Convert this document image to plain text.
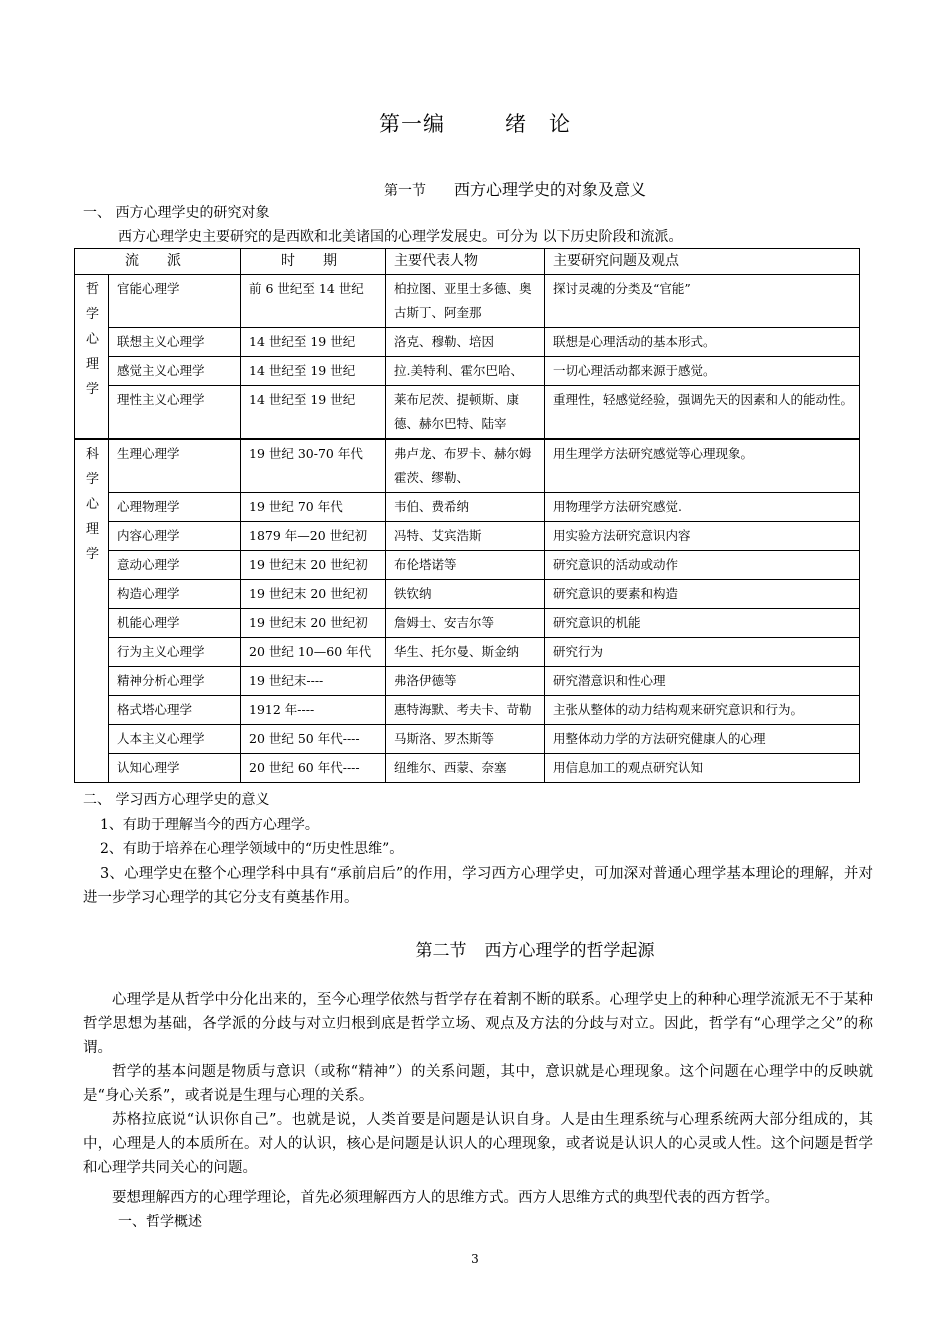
第一编	绪　论
第一节 西方心理学史的对象及意义
一、 西方心理学史的研究对象
西方心理学史主要研究的是西欧和北美诸国的心理学发展史。可分为 以下历史阶段和流派。
流　　派		时　　期	主要代表人物	主要研究问题及观点

哲
学
心
理
学	官能心理学	前 6 世纪至 14 世纪	柏拉图、亚里士多德、奥古斯丁、阿奎那	探讨灵魂的分类及“官能”
	联想主义心理学	14 世纪至 19 世纪	洛克、穆勒、培因	联想是心理活动的基本形式。
	感觉主义心理学	14 世纪至 19 世纪	拉.美特利、霍尔巴哈、	一切心理活动都来源于感觉。
	理性主义心理学	14 世纪至 19 世纪	莱布尼茨、提顿斯、康德、赫尔巴特、陆宰	重理性，轻感觉经验，强调先天的因素和人的能动性。

科
学
心
理
学	生理心理学	19 世纪 30-70 年代	弗卢龙、布罗卡、赫尔姆霍茨、缪勒、	用生理学方法研究感觉等心理现象。
	心理物理学	19 世纪 70 年代	韦伯、费希纳	用物理学方法研究感觉.
	内容心理学	1879 年—20 世纪初	冯特、艾宾浩斯	用实验方法研究意识内容
	意动心理学	19 世纪末 20 世纪初	布伦塔诺等	研究意识的活动或动作
	构造心理学	19 世纪末 20 世纪初	铁钦纳	研究意识的要素和构造
	机能心理学	19 世纪末 20 世纪初	詹姆士、安吉尔等	研究意识的机能
	行为主义心理学	20 世纪 10—60 年代	华生、托尔曼、斯金纳	研究行为
	精神分析心理学	19 世纪末----	弗洛伊德等	研究潜意识和性心理
	格式塔心理学	1912 年----	惠特海默、考夫卡、苛勒	主张从整体的动力结构观来研究意识和行为。
	人本主义心理学	20 世纪 50 年代----	马斯洛、罗杰斯等	用整体动力学的方法研究健康人的心理
	认知心理学	20 世纪 60 年代----	纽维尔、西蒙、奈塞	用信息加工的观点研究认知
二、 学习西方心理学史的意义
1、有助于理解当今的西方心理学。
2、有助于培养在心理学领域中的“历史性思维”。
3、心理学史在整个心理学科中具有“承前启后”的作用，学习西方心理学史，可加深对普通心理学基本理论的理解，并对进一步学习心理学的其它分支有奠基作用。
第二节 西方心理学的哲学起源
心理学是从哲学中分化出来的，至今心理学依然与哲学存在着割不断的联系。心理学史上的种种心理学流派无不于某种哲学思想为基础，各学派的分歧与对立归根到底是哲学立场、观点及方法的分歧与对立。因此，哲学有“心理学之父”的称谓。
哲学的基本问题是物质与意识（或称“精神”）的关系问题，其中，意识就是心理现象。这个问题在心理学中的反映就是“身心关系”，或者说是生理与心理的关系。
苏格拉底说“认识你自己”。也就是说，人类首要是问题是认识自身。人是由生理系统与心理系统两大部分组成的，其中，心理是人的本质所在。对人的认识，核心是问题是认识人的心理现象，或者说是认识人的心灵或人性。这个问题是哲学和心理学共同关心的问题。
要想理解西方的心理学理论，首先必须理解西方人的思维方式。西方人思维方式的典型代表的西方哲学。
一、哲学概述
3
